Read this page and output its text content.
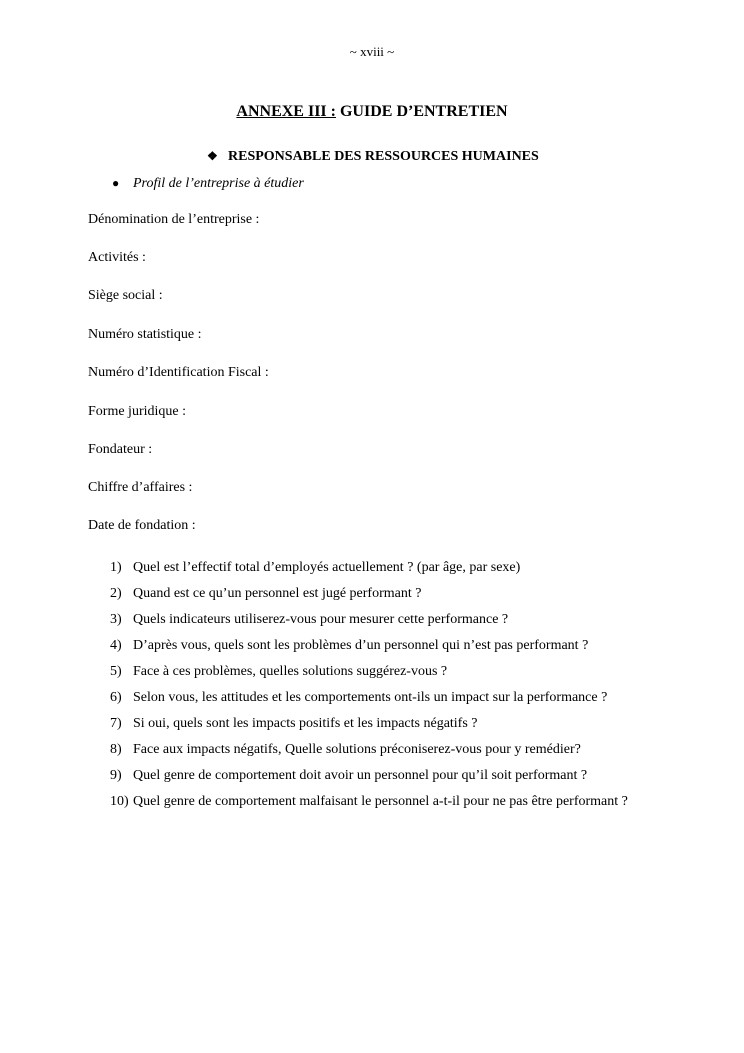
~ xviii ~
ANNEXE III : GUIDE D’ENTRETIEN
❖ RESPONSABLE DES RESSOURCES HUMAINES
● Profil de l’entreprise à étudier
Dénomination de l’entreprise :
Activités :
Siège social :
Numéro statistique :
Numéro d’Identification Fiscal :
Forme juridique :
Fondateur :
Chiffre d’affaires :
Date de fondation :
1) Quel est l’effectif total d’employés actuellement ? (par âge, par sexe)
2) Quand est ce qu’un personnel est jugé performant ?
3) Quels indicateurs utiliserez-vous pour mesurer cette performance ?
4) D’après vous, quels sont les problèmes d’un personnel qui n’est pas performant ?
5) Face à ces problèmes, quelles solutions suggérez-vous ?
6) Selon vous, les attitudes et les comportements ont-ils un impact sur la performance ?
7) Si oui, quels sont les impacts positifs et les impacts négatifs ?
8) Face aux impacts négatifs, Quelle solutions préconiserez-vous pour y remédier?
9) Quel genre de comportement doit avoir un personnel pour qu’il soit performant ?
10) Quel genre de comportement malfaisant le personnel a-t-il pour ne pas être performant ?
